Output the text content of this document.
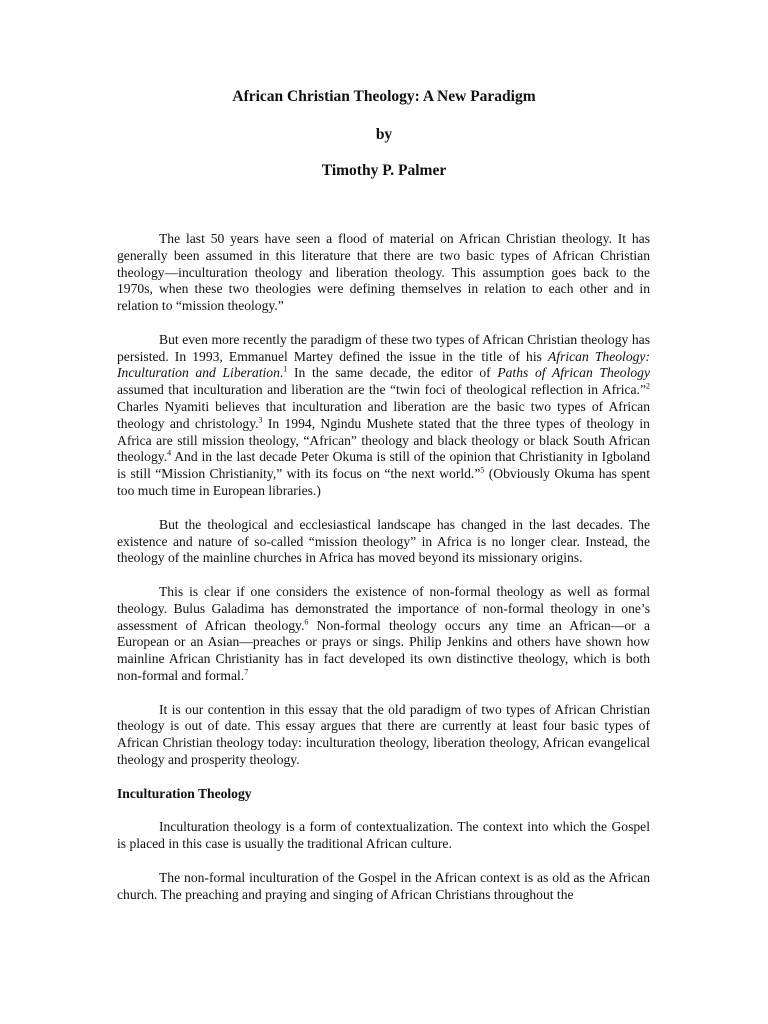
African Christian Theology: A New Paradigm
by
Timothy P. Palmer

The last 50 years have seen a flood of material on African Christian theology. It has generally been assumed in this literature that there are two basic types of African Christian theology—inculturation theology and liberation theology. This assumption goes back to the 1970s, when these two theologies were defining themselves in relation to each other and in relation to “mission theology.”

But even more recently the paradigm of these two types of African Christian theology has persisted. In 1993, Emmanuel Martey defined the issue in the title of his African Theology: Inculturation and Liberation.$^1$ In the same decade, the editor of Paths of African Theology assumed that inculturation and liberation are the “twin foci of theological reflection in Africa.”$^2$ Charles Nyamiti believes that inculturation and liberation are the basic two types of African theology and christology.$^3$ In 1994, Ngindu Mushete stated that the three types of theology in Africa are still mission theology, “African” theology and black theology or black South African theology.$^4$ And in the last decade Peter Okuma is still of the opinion that Christianity in Igboland is still “Mission Christianity,” with its focus on “the next world.”$^5$ (Obviously Okuma has spent too much time in European libraries.)

But the theological and ecclesiastical landscape has changed in the last decades. The existence and nature of so-called “mission theology” in Africa is no longer clear. Instead, the theology of the mainline churches in Africa has moved beyond its missionary origins.

This is clear if one considers the existence of non-formal theology as well as formal theology. Bulus Galadima has demonstrated the importance of non-formal theology in one’s assessment of African theology.$^6$ Non-formal theology occurs any time an African—or a European or an Asian—preaches or prays or sings. Philip Jenkins and others have shown how mainline African Christianity has in fact developed its own distinctive theology, which is both non-formal and formal.$^7$

It is our contention in this essay that the old paradigm of two types of African Christian theology is out of date. This essay argues that there are currently at least four basic types of African Christian theology today: inculturation theology, liberation theology, African evangelical theology and prosperity theology.

Inculturation Theology

Inculturation theology is a form of contextualization. The context into which the Gospel is placed in this case is usually the traditional African culture.

The non-formal inculturation of the Gospel in the African context is as old as the African church. The preaching and praying and singing of African Christians throughout the
